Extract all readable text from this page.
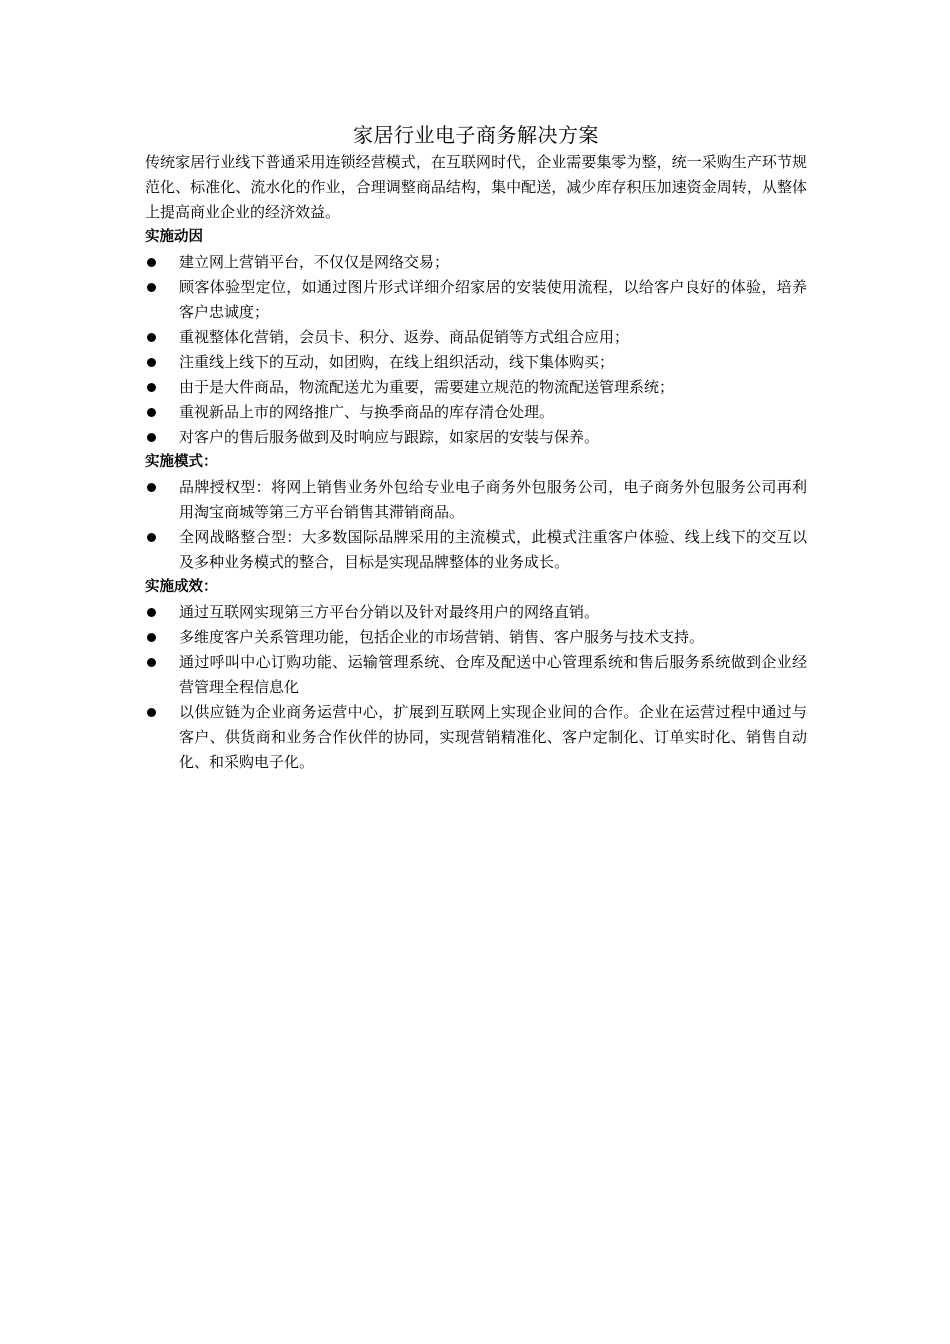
家居行业电子商务解决方案

传统家居行业线下普通采用连锁经营模式，在互联网时代，企业需要集零为整，统一采购生产环节规范化、标准化、流水化的作业，合理调整商品结构，集中配送，减少库存积压加速资金周转，从整体上提高商业企业的经济效益。

实施动因

建立网上营销平台，不仅仅是网络交易；
顾客体验型定位，如通过图片形式详细介绍家居的安装使用流程，以给客户良好的体验，培养客户忠诚度；
重视整体化营销，会员卡、积分、返券、商品促销等方式组合应用；
注重线上线下的互动，如团购，在线上组织活动，线下集体购买；
由于是大件商品，物流配送尤为重要，需要建立规范的物流配送管理系统；
重视新品上市的网络推广、与换季商品的库存清仓处理。
对客户的售后服务做到及时响应与跟踪，如家居的安装与保养。

实施模式：

品牌授权型：将网上销售业务外包给专业电子商务外包服务公司，电子商务外包服务公司再利用淘宝商城等第三方平台销售其滞销商品。
全网战略整合型：大多数国际品牌采用的主流模式，此模式注重客户体验、线上线下的交互以及多种业务模式的整合，目标是实现品牌整体的业务成长。

实施成效：

通过互联网实现第三方平台分销以及针对最终用户的网络直销。
多维度客户关系管理功能，包括企业的市场营销、销售、客户服务与技术支持。
通过呼叫中心订购功能、运输管理系统、仓库及配送中心管理系统和售后服务系统做到企业经营管理全程信息化
以供应链为企业商务运营中心，扩展到互联网上实现企业间的合作。企业在运营过程中通过与客户、供货商和业务合作伙伴的协同，实现营销精准化、客户定制化、订单实时化、销售自动化、和采购电子化。
